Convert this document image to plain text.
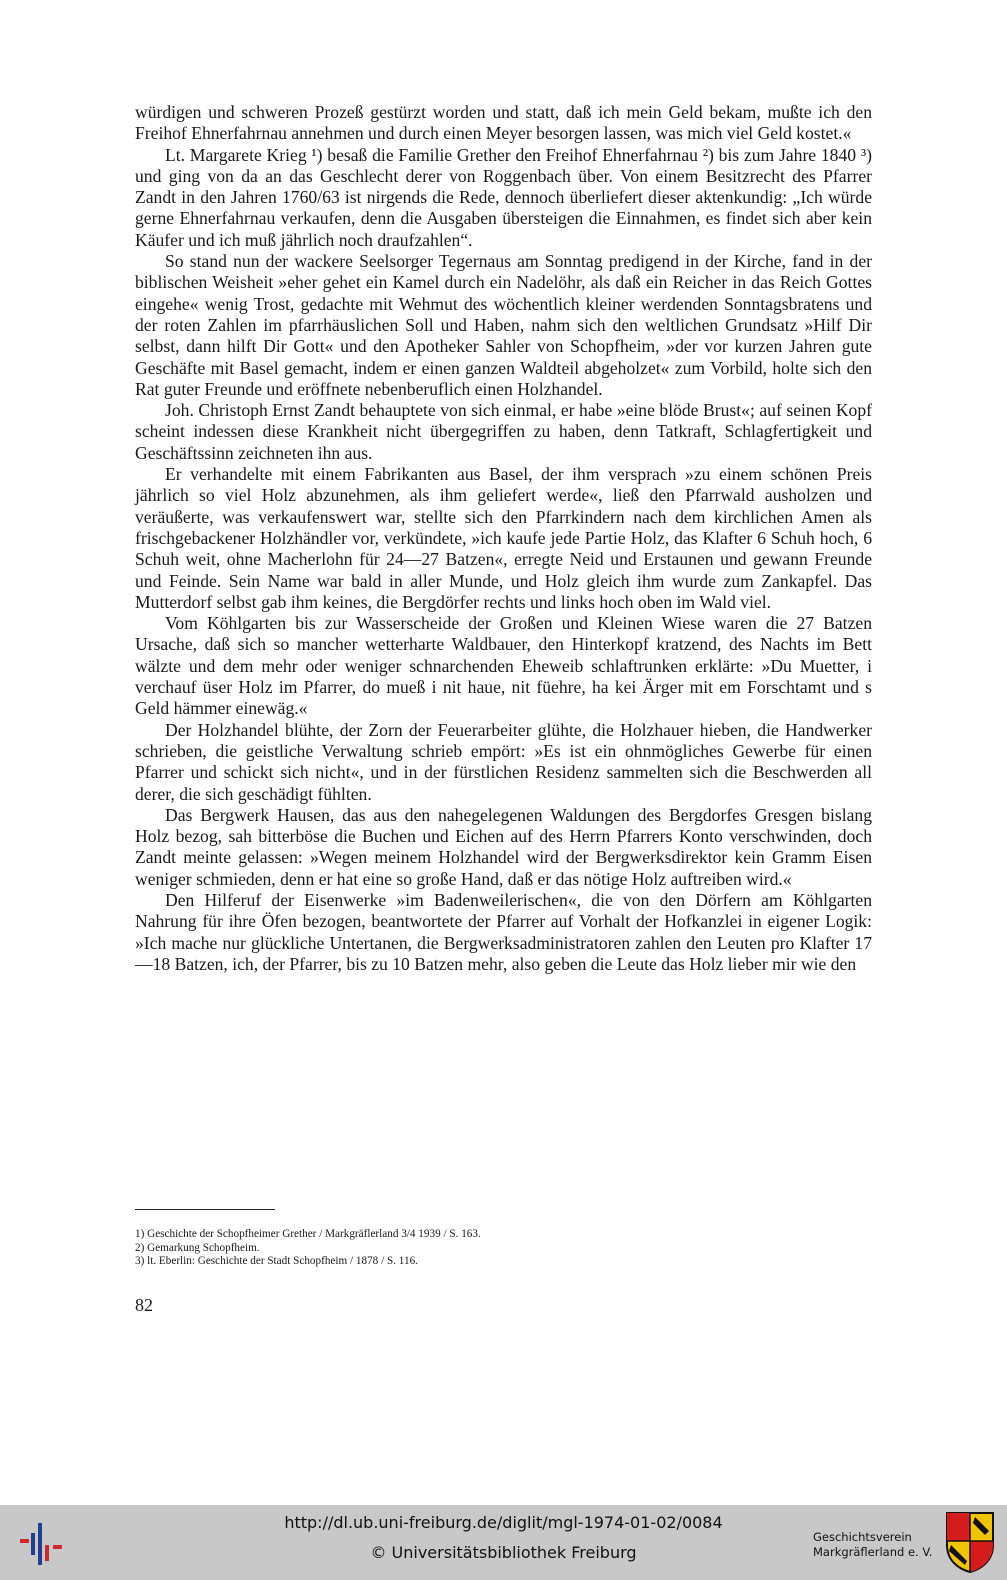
würdigen und schweren Prozeß gestürzt worden und statt, daß ich mein Geld bekam, mußte ich den Freihof Ehnerfahrnau annehmen und durch einen Meyer besorgen lassen, was mich viel Geld kostet.«

Lt. Margarete Krieg ¹) besaß die Familie Grether den Freihof Ehnerfahrnau ²) bis zum Jahre 1840 ³) und ging von da an das Geschlecht derer von Roggenbach über. Von einem Besitzrecht des Pfarrer Zandt in den Jahren 1760/63 ist nirgends die Rede, dennoch überliefert dieser aktenkundig: „Ich würde gerne Ehnerfahrnau verkaufen, denn die Ausgaben übersteigen die Einnahmen, es findet sich aber kein Käufer und ich muß jährlich noch draufzahlen“.

So stand nun der wackere Seelsorger Tegernaus am Sonntag predigend in der Kirche, fand in der biblischen Weisheit »eher gehet ein Kamel durch ein Nadelöhr, als daß ein Reicher in das Reich Gottes eingehe« wenig Trost, gedachte mit Wehmut des wöchentlich kleiner werdenden Sonntagsbratens und der roten Zahlen im pfarrhäuslichen Soll und Haben, nahm sich den weltlichen Grundsatz »Hilf Dir selbst, dann hilft Dir Gott« und den Apotheker Sahler von Schopfheim, »der vor kurzen Jahren gute Geschäfte mit Basel gemacht, indem er einen ganzen Waldteil abgeholzet« zum Vorbild, holte sich den Rat guter Freunde und eröffnete nebenberuflich einen Holzhandel.

Joh. Christoph Ernst Zandt behauptete von sich einmal, er habe »eine blöde Brust«; auf seinen Kopf scheint indessen diese Krankheit nicht übergegriffen zu haben, denn Tatkraft, Schlagfertigkeit und Geschäftssinn zeichneten ihn aus.

Er verhandelte mit einem Fabrikanten aus Basel, der ihm versprach »zu einem schönen Preis jährlich so viel Holz abzunehmen, als ihm geliefert werde«, ließ den Pfarrwald ausholzen und veräußerte, was verkaufenswert war, stellte sich den Pfarrkindern nach dem kirchlichen Amen als frischgebackener Holzhändler vor, verkündete, »ich kaufe jede Partie Holz, das Klafter 6 Schuh hoch, 6 Schuh weit, ohne Macherlohn für 24—27 Batzen«, erregte Neid und Erstaunen und gewann Freunde und Feinde. Sein Name war bald in aller Munde, und Holz gleich ihm wurde zum Zankapfel. Das Mutterdorf selbst gab ihm keines, die Bergdörfer rechts und links hoch oben im Wald viel.

Vom Köhlgarten bis zur Wasserscheide der Großen und Kleinen Wiese waren die 27 Batzen Ursache, daß sich so mancher wetterharte Waldbauer, den Hinterkopf kratzend, des Nachts im Bett wälzte und dem mehr oder weniger schnarchenden Eheweib schlaftrunken erklärte: »Du Muetter, i verchauf üser Holz im Pfarrer, do mueß i nit haue, nit füehre, ha kei Ärger mit em Forschtamt und s Geld hämmer einewäg.«

Der Holzhandel blühte, der Zorn der Feuerarbeiter glühte, die Holzhauer hieben, die Handwerker schrieben, die geistliche Verwaltung schrieb empört: »Es ist ein ohnmögliches Gewerbe für einen Pfarrer und schickt sich nicht«, und in der fürstlichen Residenz sammelten sich die Beschwerden all derer, die sich geschädigt fühlten.

Das Bergwerk Hausen, das aus den nahegelegenen Waldungen des Bergdorfes Gresgen bislang Holz bezog, sah bitterböse die Buchen und Eichen auf des Herrn Pfarrers Konto verschwinden, doch Zandt meinte gelassen: »Wegen meinem Holzhandel wird der Bergwerksdirektor kein Gramm Eisen weniger schmieden, denn er hat eine so große Hand, daß er das nötige Holz auftreiben wird.«

Den Hilferuf der Eisenwerke »im Badenweilerischen«, die von den Dörfern am Köhlgarten Nahrung für ihre Öfen bezogen, beantwortete der Pfarrer auf Vorhalt der Hofkanzlei in eigener Logik: »Ich mache nur glückliche Untertanen, die Bergwerksadministratoren zahlen den Leuten pro Klafter 17—18 Batzen, ich, der Pfarrer, bis zu 10 Batzen mehr, also geben die Leute das Holz lieber mir wie den

1) Geschichte der Schopfheimer Grether / Markgräflerland 3/4 1939 / S. 163.
2) Gemarkung Schopfheim.
3) lt. Eberlin: Geschichte der Stadt Schopfheim / 1878 / S. 116.
82
http://dl.ub.uni-freiburg.de/diglit/mgl-1974-01-02/0084
© Universitätsbibliothek Freiburg
Geschichtsverein
Markgräflerland e. V.
